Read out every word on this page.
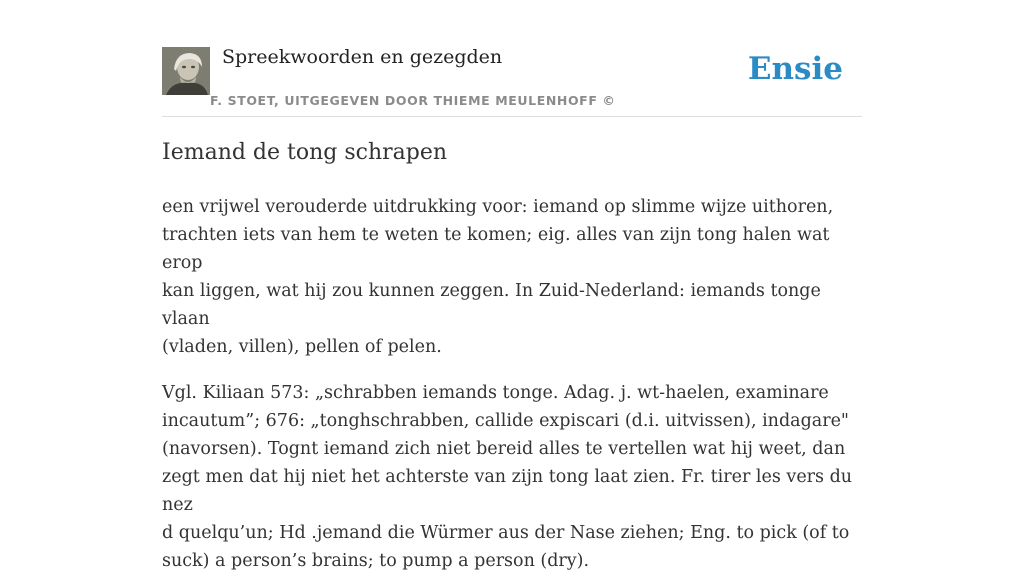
Spreekwoorden en gezegden
F. STOET, UITGEGEVEN DOOR THIEME MEULENHOFF ©
Ensie
Iemand de tong schrapen

een vrijwel verouderde uitdrukking voor: iemand op slimme wijze uithoren,
trachten iets van hem te weten te komen; eig. alles van zijn tong halen wat erop
kan liggen, wat hij zou kunnen zeggen. In Zuid-Nederland: iemands tonge vlaan
(vladen, villen), pellen of pelen.

Vgl. Kiliaan 573: „schrabben iemands tonge. Adag. j. wt-haelen, examinare
incautum”; 676: „tonghschrabben, callide expiscari (d.i. uitvissen), indagare"
(navorsen). Tognt iemand zich niet bereid alles te vertellen wat hij weet, dan
zegt men dat hij niet het achterste van zijn tong laat zien. Fr. tirer les vers du nez
d quelqu’un; Hd .jemand die Würmer aus der Nase ziehen; Eng. to pick (of to
suck) a person’s brains; to pump a person (dry).
